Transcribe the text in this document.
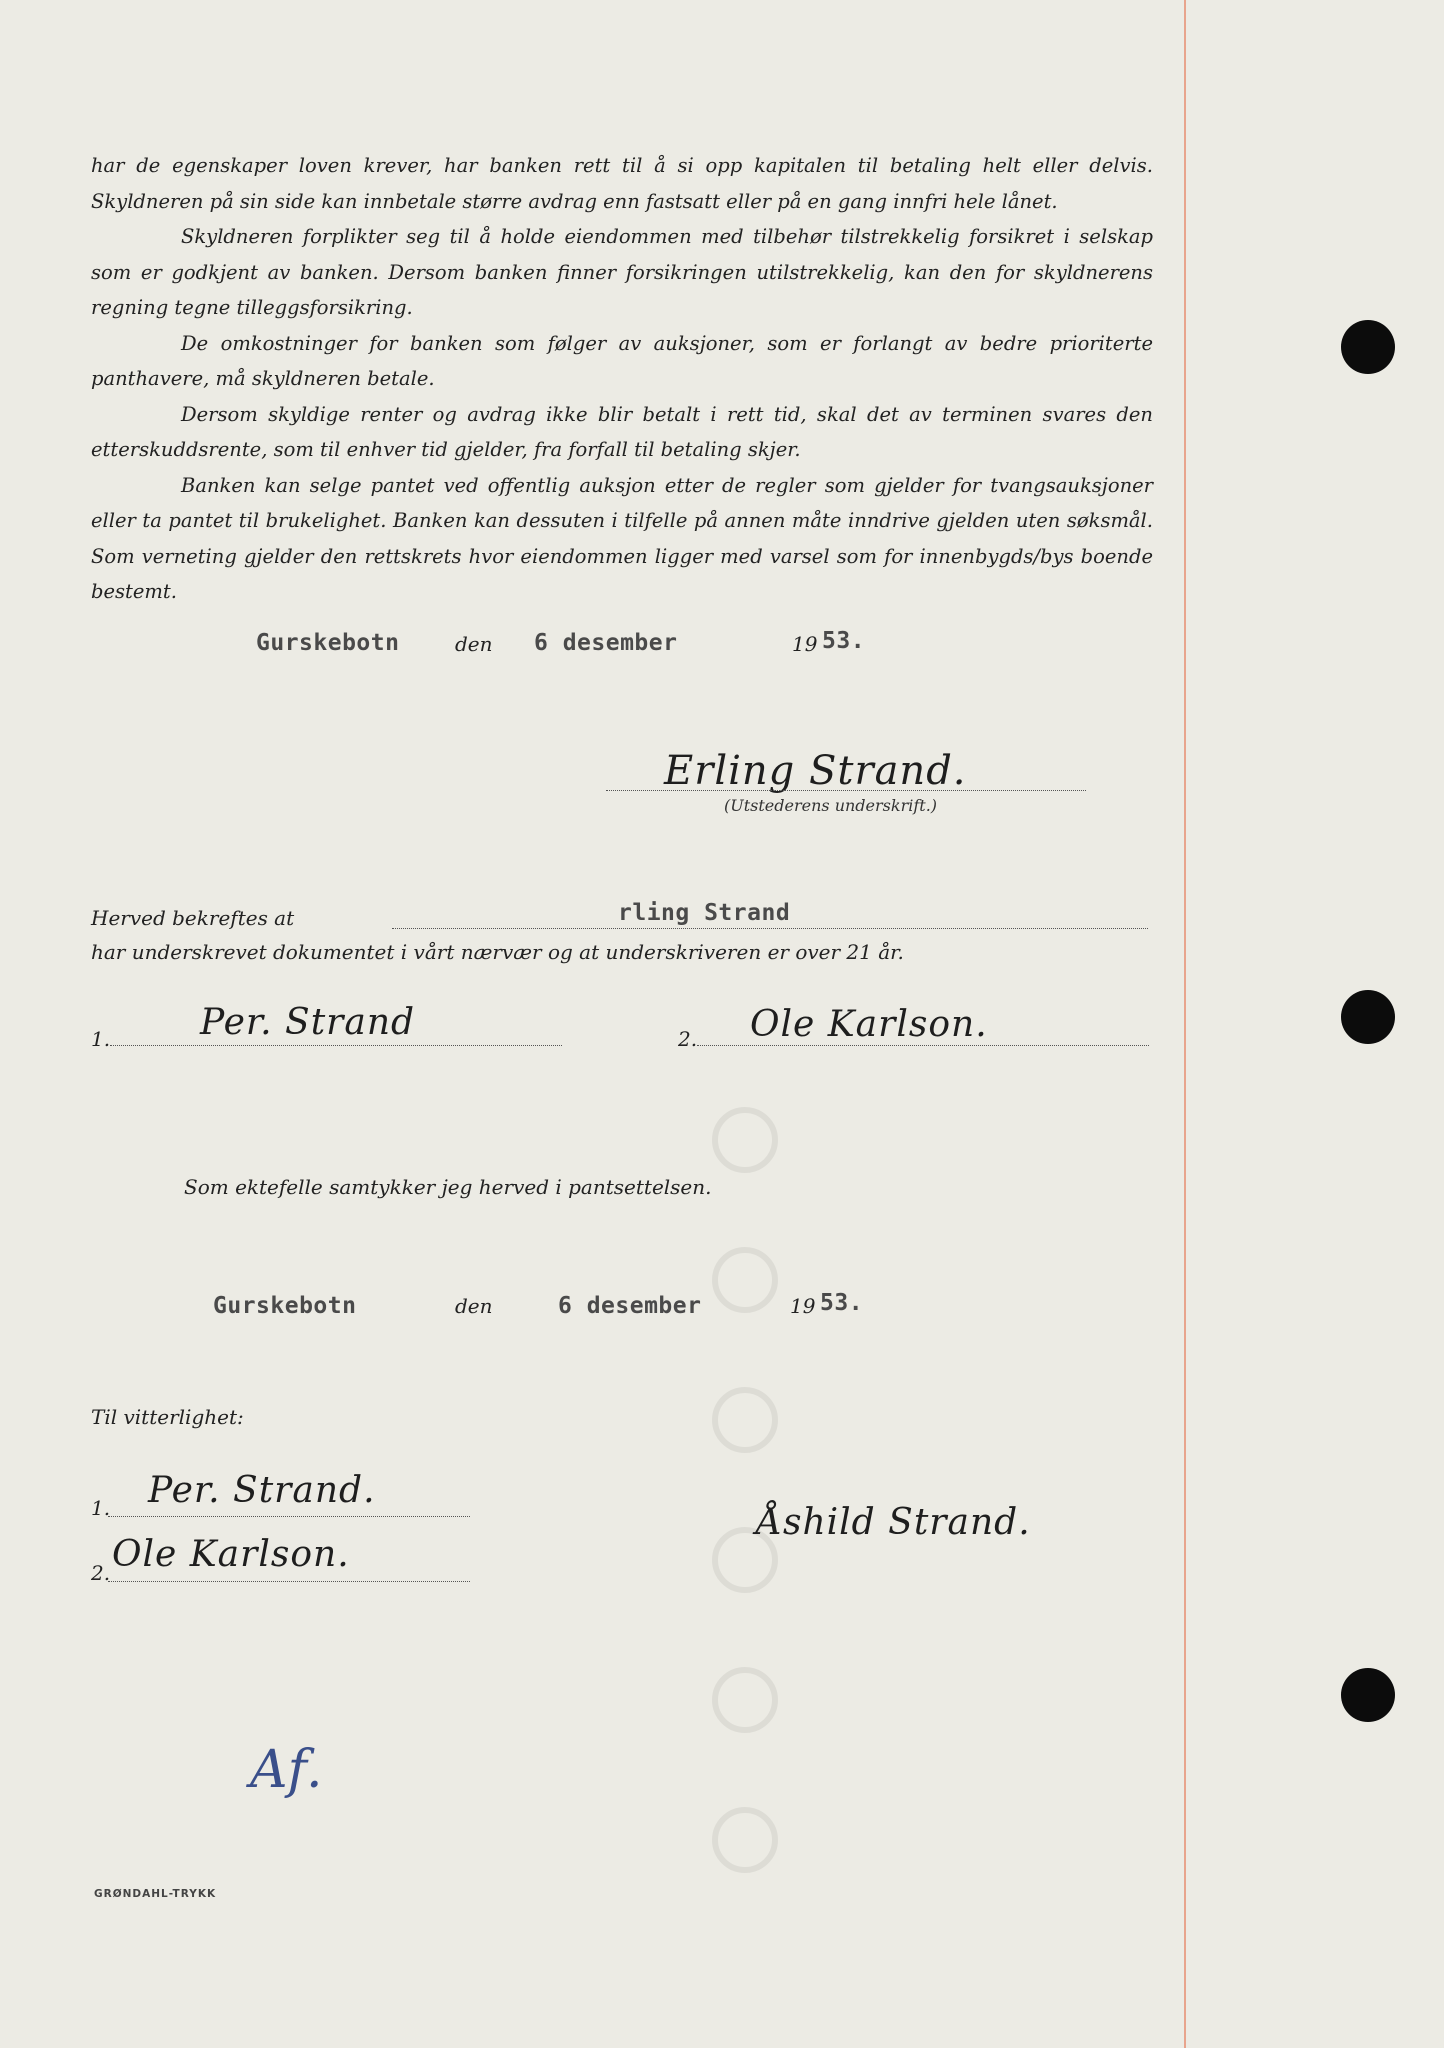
har de egenskaper loven krever, har banken rett til å si opp kapitalen til betaling helt eller delvis. Skyldneren på sin side kan innbetale større avdrag enn fastsatt eller på en gang innfri hele lånet.

Skyldneren forplikter seg til å holde eiendommen med tilbehør tilstrekkelig forsikret i selskap som er godkjent av banken. Dersom banken finner forsikringen utilstrekkelig, kan den for skyldnerens regning tegne tilleggsforsikring.

De omkostninger for banken som følger av auksjoner, som er forlangt av bedre prioriterte panthavere, må skyldneren betale.

Dersom skyldige renter og avdrag ikke blir betalt i rett tid, skal det av terminen svares den etterskuddsrente, som til enhver tid gjelder, fra forfall til betaling skjer.

Banken kan selge pantet ved offentlig auksjon etter de regler som gjelder for tvangsauksjoner eller ta pantet til brukelighet. Banken kan dessuten i tilfelle på annen måte inndrive gjelden uten søksmål. Som verneting gjelder den rettskrets hvor eiendommen ligger med varsel som for innenbygds/bys boende bestemt.

Gurskebotn	den 6 desember	19 53.
Erling Strand.
(Utstederens underskrift.)
Herved bekreftes at	rling Strand
har underskrevet dokumentet i vårt nærvær og at underskriveren er over 21 år.
1. Per. Strand	2. Ole Karlson.
Som ektefelle samtykker jeg herved i pantsettelsen.
Gurskebotn	den	6 desember	19 53.
Til vitterlighet:
1. Per. Strand.
2. Ole Karlson.
Åshild Strand.
Af.
GRØNDAHL-TRYKK
